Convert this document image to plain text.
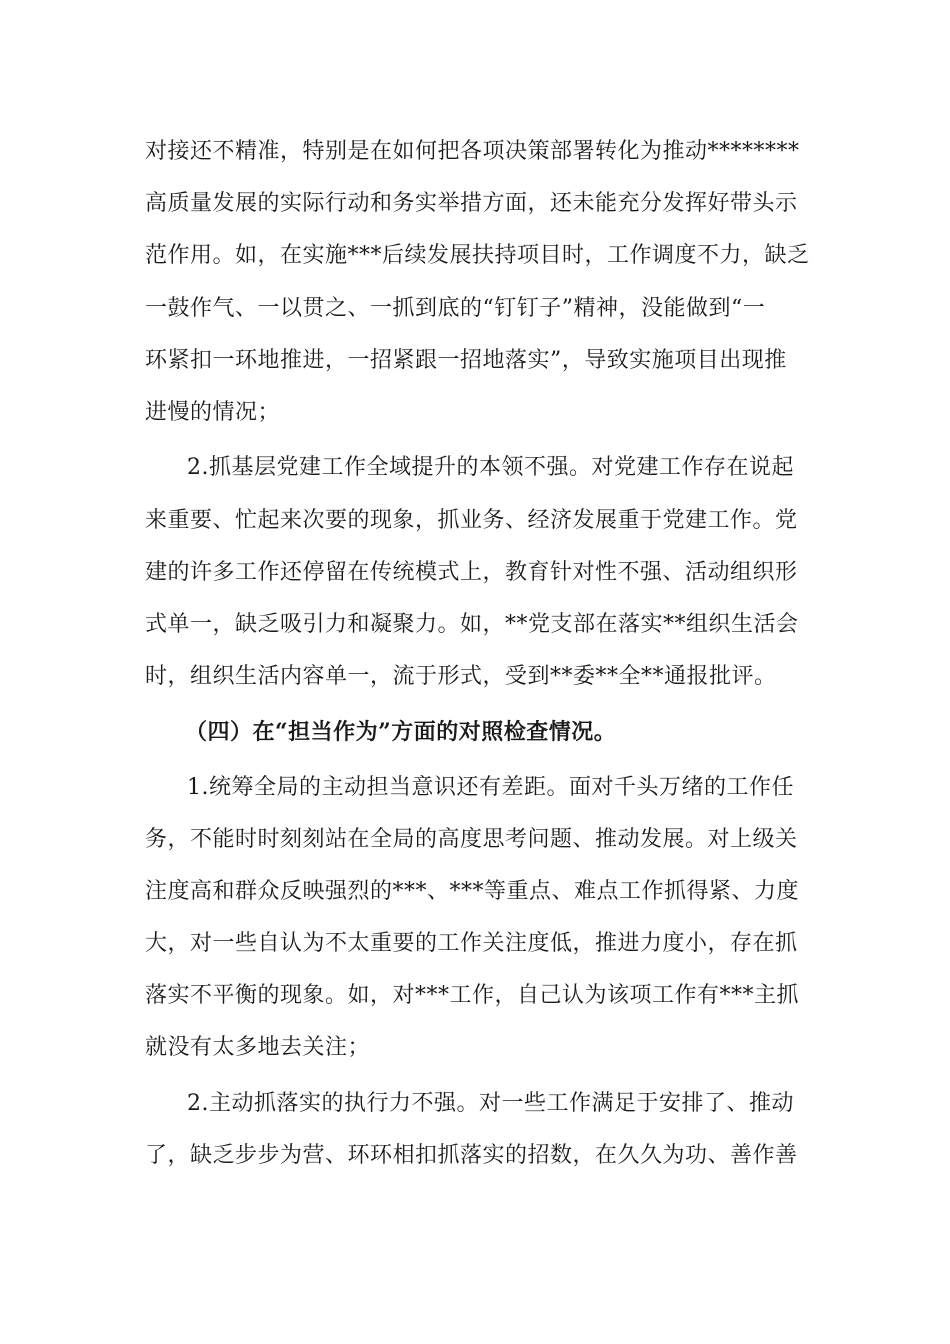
对接还不精准，特别是在如何把各项决策部署转化为推动********
高质量发展的实际行动和务实举措方面，还未能充分发挥好带头示
范作用。如，在实施***后续发展扶持项目时，工作调度不力，缺乏
一鼓作气、一以贯之、一抓到底的“钉钉子”精神，没能做到“一
环紧扣一环地推进，一招紧跟一招地落实”，导致实施项目出现推
进慢的情况；
2.抓基层党建工作全域提升的本领不强。对党建工作存在说起
来重要、忙起来次要的现象，抓业务、经济发展重于党建工作。党
建的许多工作还停留在传统模式上，教育针对性不强、活动组织形
式单一，缺乏吸引力和凝聚力。如，**党支部在落实**组织生活会
时，组织生活内容单一，流于形式，受到**委**全**通报批评。
（四）在“担当作为”方面的对照检查情况。
1.统筹全局的主动担当意识还有差距。面对千头万绪的工作任
务，不能时时刻刻站在全局的高度思考问题、推动发展。对上级关
注度高和群众反映强烈的***、***等重点、难点工作抓得紧、力度
大，对一些自认为不太重要的工作关注度低，推进力度小，存在抓
落实不平衡的现象。如，对***工作，自己认为该项工作有***主抓
就没有太多地去关注；
2.主动抓落实的执行力不强。对一些工作满足于安排了、推动
了，缺乏步步为营、环环相扣抓落实的招数，在久久为功、善作善
